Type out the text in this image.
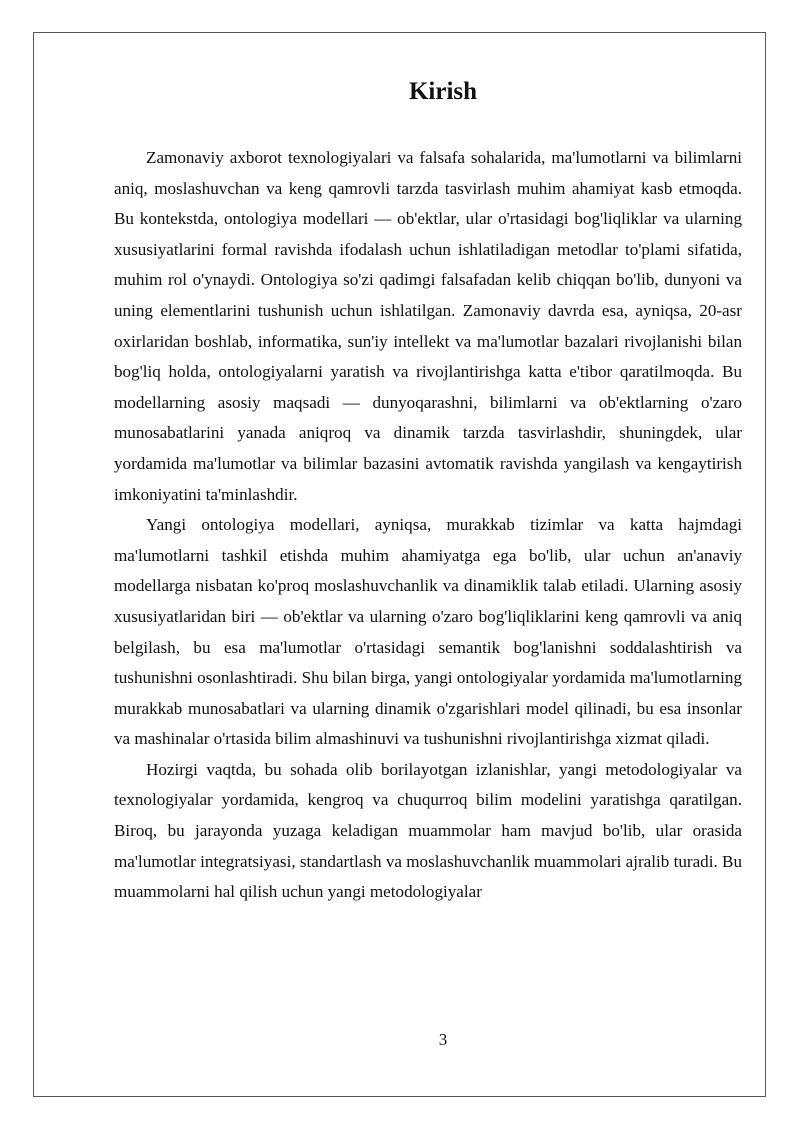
Kirish

Zamonaviy axborot texnologiyalari va falsafa sohalarida, ma'lumotlarni va bilimlarni aniq, moslashuvchan va keng qamrovli tarzda tasvirlash muhim ahamiyat kasb etmoqda. Bu kontekstda, ontologiya modellari — ob'ektlar, ular o'rtasidagi bog'liqliklar va ularning xususiyatlarini formal ravishda ifodalash uchun ishlatiladigan metodlar to'plami sifatida, muhim rol o'ynaydi. Ontologiya so'zi qadimgi falsafadan kelib chiqqan bo'lib, dunyoni va uning elementlarini tushunish uchun ishlatilgan. Zamonaviy davrda esa, ayniqsa, 20-asr oxirlaridan boshlab, informatika, sun'iy intellekt va ma'lumotlar bazalari rivojlanishi bilan bog'liq holda, ontologiyalarni yaratish va rivojlantirishga katta e'tibor qaratilmoqda. Bu modellarning asosiy maqsadi — dunyoqarashni, bilimlarni va ob'ektlarning o'zaro munosabatlarini yanada aniqroq va dinamik tarzda tasvirlashdir, shuningdek, ular yordamida ma'lumotlar va bilimlar bazasini avtomatik ravishda yangilash va kengaytirish imkoniyatini ta'minlashdir.

Yangi ontologiya modellari, ayniqsa, murakkab tizimlar va katta hajmdagi ma'lumotlarni tashkil etishda muhim ahamiyatga ega bo'lib, ular uchun an'anaviy modellarga nisbatan ko'proq moslashuvchanlik va dinamiklik talab etiladi. Ularning asosiy xususiyatlaridan biri — ob'ektlar va ularning o'zaro bog'liqliklarini keng qamrovli va aniq belgilash, bu esa ma'lumotlar o'rtasidagi semantik bog'lanishni soddalashtirish va tushunishni osonlashtiradi. Shu bilan birga, yangi ontologiyalar yordamida ma'lumotlarning murakkab munosabatlari va ularning dinamik o'zgarishlari model qilinadi, bu esa insonlar va mashinalar o'rtasida bilim almashinuvi va tushunishni rivojlantirishga xizmat qiladi.

Hozirgi vaqtda, bu sohada olib borilayotgan izlanishlar, yangi metodologiyalar va texnologiyalar yordamida, kengroq va chuqurroq bilim modelini yaratishga qaratilgan. Biroq, bu jarayonda yuzaga keladigan muammolar ham mavjud bo'lib, ular orasida ma'lumotlar integratsiyasi, standartlash va moslashuvchanlik muammolari ajralib turadi. Bu muammolarni hal qilish uchun yangi metodologiyalar

3
